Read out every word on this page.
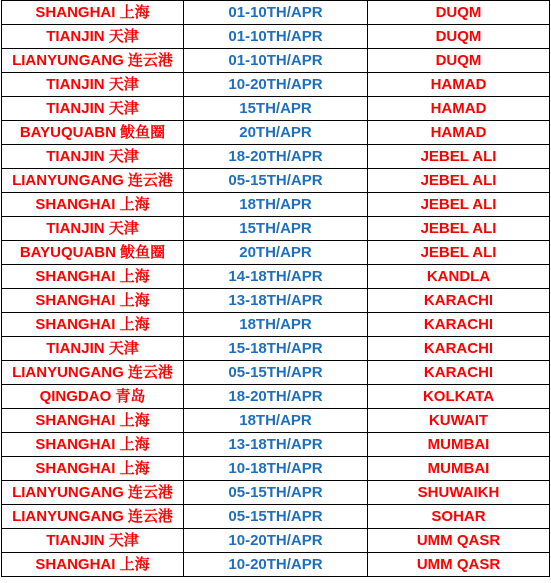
SHANGHAI 上海	01-10TH/APR	DUQM
TIANJIN 天津	01-10TH/APR	DUQM
LIANYUNGANG 连云港	01-10TH/APR	DUQM
TIANJIN 天津	10-20TH/APR	HAMAD
TIANJIN 天津	15TH/APR	HAMAD
BAYUQUABN 鲅鱼圈	20TH/APR	HAMAD
TIANJIN 天津	18-20TH/APR	JEBEL ALI
LIANYUNGANG 连云港	05-15TH/APR	JEBEL ALI
SHANGHAI 上海	18TH/APR	JEBEL ALI
TIANJIN 天津	15TH/APR	JEBEL ALI
BAYUQUABN 鲅鱼圈	20TH/APR	JEBEL ALI
SHANGHAI 上海	14-18TH/APR	KANDLA
SHANGHAI 上海	13-18TH/APR	KARACHI
SHANGHAI 上海	18TH/APR	KARACHI
TIANJIN 天津	15-18TH/APR	KARACHI
LIANYUNGANG 连云港	05-15TH/APR	KARACHI
QINGDAO 青岛	18-20TH/APR	KOLKATA
SHANGHAI 上海	18TH/APR	KUWAIT
SHANGHAI 上海	13-18TH/APR	MUMBAI
SHANGHAI 上海	10-18TH/APR	MUMBAI
LIANYUNGANG 连云港	05-15TH/APR	SHUWAIKH
LIANYUNGANG 连云港	05-15TH/APR	SOHAR
TIANJIN 天津	10-20TH/APR	UMM QASR
SHANGHAI 上海	10-20TH/APR	UMM QASR
